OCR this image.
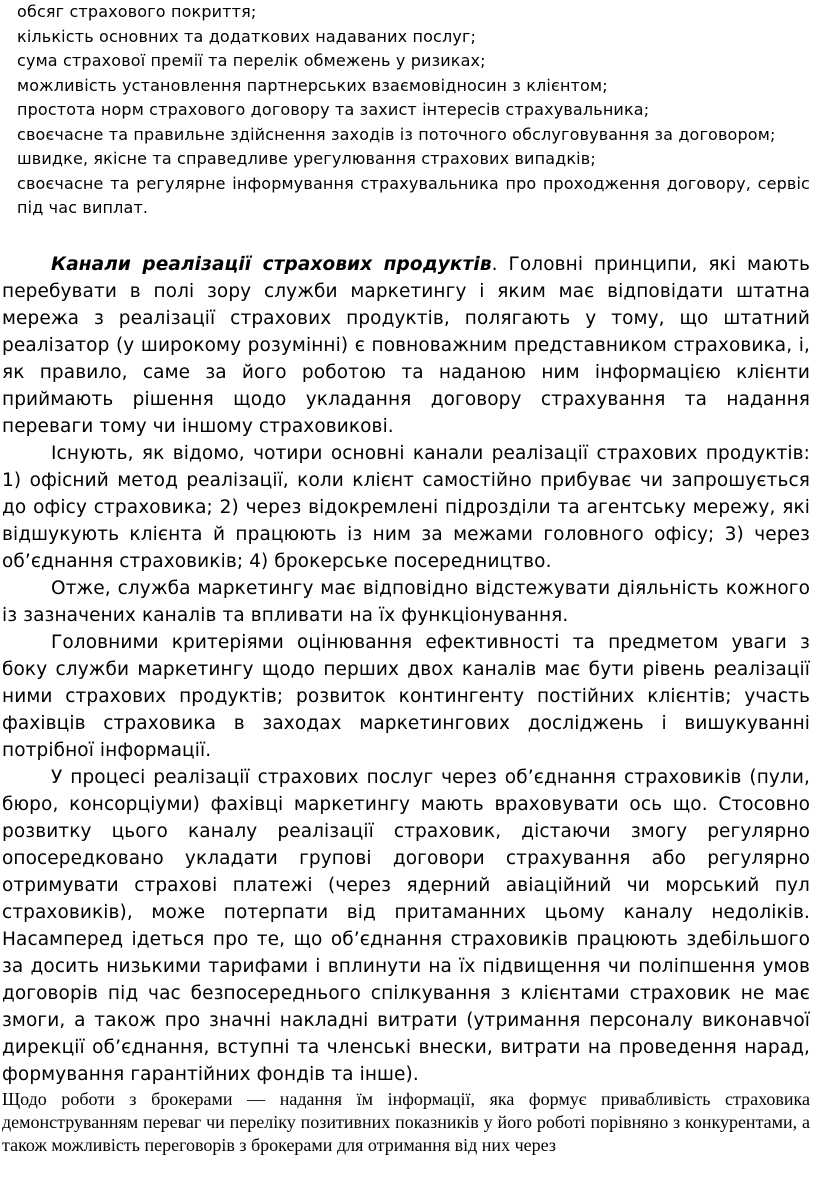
обсяг страхового покриття;
кількість основних та додаткових надаваних послуг;
сума страхової премії та перелік обмежень у ризиках;
можливість установлення партнерських взаємовідносин з клієнтом;
простота норм страхового договору та захист інтересів страхувальника;
своєчасне та правильне здійснення заходів із поточного обслуговування за договором;
швидке, якісне та справедливе урегулювання страхових випадків;
своєчасне та регулярне інформування страхувальника про проходження договору, сервіс під час виплат.

Канали реалізації страхових продуктів. Головні принципи, які мають перебувати в полі зору служби маркетингу і яким має відповідати штатна мережа з реалізації страхових продуктів, полягають у тому, що штатний реалізатор (у широкому розумінні) є повноважним представником страховика, і, як правило, саме за його роботою та наданою ним інформацією клієнти приймають рішення щодо укладання договору страхування та надання переваги тому чи іншому страховикові.

Існують, як відомо, чотири основні канали реалізації страхових продуктів: 1) офісний метод реалізації, коли клієнт самостійно прибуває чи запрошується до офісу страховика; 2) через відокремлені підрозділи та агентську мережу, які відшукують клієнта й працюють із ним за межами головного офісу; 3) через об’єднання страховиків; 4) брокерське посередництво.

Отже, служба маркетингу має відповідно відстежувати діяльність кожного із зазначених каналів та впливати на їх функціонування.

Головними критеріями оцінювання ефективності та предметом уваги з боку служби маркетингу щодо перших двох каналів має бути рівень реалізації ними страхових продуктів; розвиток контингенту постійних клієнтів; участь фахівців страховика в заходах маркетингових досліджень і вишукуванні потрібної інформації.

У процесі реалізації страхових послуг через об’єднання страховиків (пули, бюро, консорціуми) фахівці маркетингу мають враховувати ось що. Стосовно розвитку цього каналу реалізації страховик, дістаючи змогу регулярно опосередковано укладати групові договори страхування або регулярно отримувати страхові платежі (через ядерний авіаційний чи морський пул страховиків), може потерпати від притаманних цьому каналу недоліків. Насамперед ідеться про те, що об’єднання страховиків працюють здебільшого за досить низькими тарифами і вплинути на їх підвищення чи поліпшення умов договорів під час безпосереднього спілкування з клієнтами страховик не має змоги, а також про значні накладні витрати (утримання персоналу виконавчої дирекції об’єднання, вступні та членські внески, витрати на проведення нарад, формування гарантійних фондів та інше).

Щодо роботи з брокерами — надання їм інформації, яка формує привабливість страховика демонструванням переваг чи переліку позитивних показників у його роботі порівняно з конкурентами, а також можливість переговорів з брокерами для отримання від них через
